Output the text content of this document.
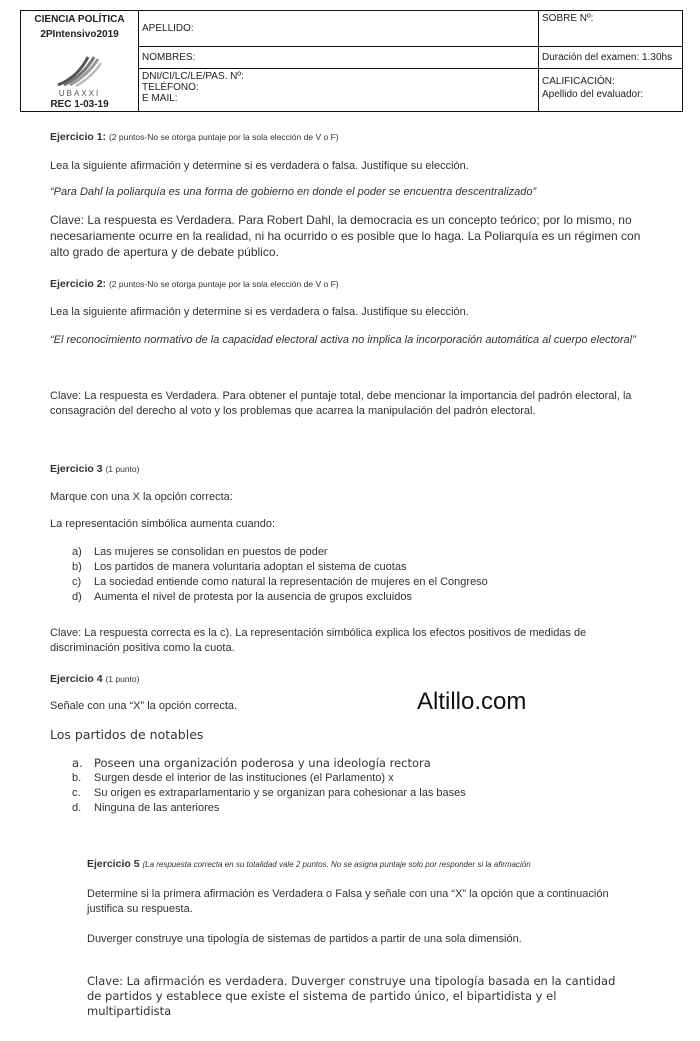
CIENCIA POLÍTICA
2PIntensivo2019
UBAXXI
REC 1-03-19
APELLIDO:
NOMBRES:
DNI/CI/LC/LE/PAS. Nº:
TELÉFONO:
E MAIL:
SOBRE Nº:
Duración del examen: 1.30hs
CALIFICACIÓN:
Apellido del evaluador:

Ejercicio 1: (2 puntos-No se otorga puntaje por la sola elección de V o F)

Lea la siguiente afirmación y determine si es verdadera o falsa. Justifique su elección.

“Para Dahl la poliarquía es una forma de gobierno en donde el poder se encuentra descentralizado”

Clave: La respuesta es Verdadera. Para Robert Dahl, la democracia es un concepto teórico; por lo mismo, no necesariamente ocurre en la realidad, ni ha ocurrido o es posible que lo haga. La Poliarquía es un régimen con alto grado de apertura y de debate público.

Ejercicio 2: (2 puntos-No se otorga puntaje por la sola elección de V o F)

Lea la siguiente afirmación y determine si es verdadera o falsa. Justifique su elección.

“El reconocimiento normativo de la capacidad electoral activa no implica la incorporación automática al cuerpo electoral”

Clave: La respuesta es Verdadera. Para obtener el puntaje total, debe mencionar la importancia del padrón electoral, la consagración del derecho al voto y los problemas que acarrea la manipulación del padrón electoral.

Ejercicio 3 (1 punto)

Marque con una X la opción correcta:

La representación simbólica aumenta cuando:

a) Las mujeres se consolidan en puestos de poder
b) Los partidos de manera voluntaria adoptan el sistema de cuotas
c) La sociedad entiende como natural la representación de mujeres en el Congreso
d) Aumenta el nivel de protesta por la ausencia de grupos excluidos

Clave: La respuesta correcta es la c). La representación simbólica explica los efectos positivos de medidas de discriminación positiva como la cuota.

Ejercicio 4 (1 punto)

Señale con una “X” la opción correcta.

Los partidos de notables

a. Poseen una organización poderosa y una ideología rectora
b. Surgen desde el interior de las instituciones (el Parlamento) x
c. Su origen es extraparlamentario y se organizan para cohesionar a las bases
d. Ninguna de las anteriores

Ejercicio 5 (La respuesta correcta en su totalidad vale 2 puntos. No se asigna puntaje solo por responder si la afirmación

Determine si la primera afirmación es Verdadera o Falsa y señale con una “X” la opción que a continuación justifica su respuesta.

Duverger construye una tipología de sistemas de partidos a partir de una sola dimensión.

Clave: La afirmación es verdadera. Duverger construye una tipología basada en la cantidad de partidos y establece que existe el sistema de partido único, el bipartidista y el multipartidista

Altillo.com
